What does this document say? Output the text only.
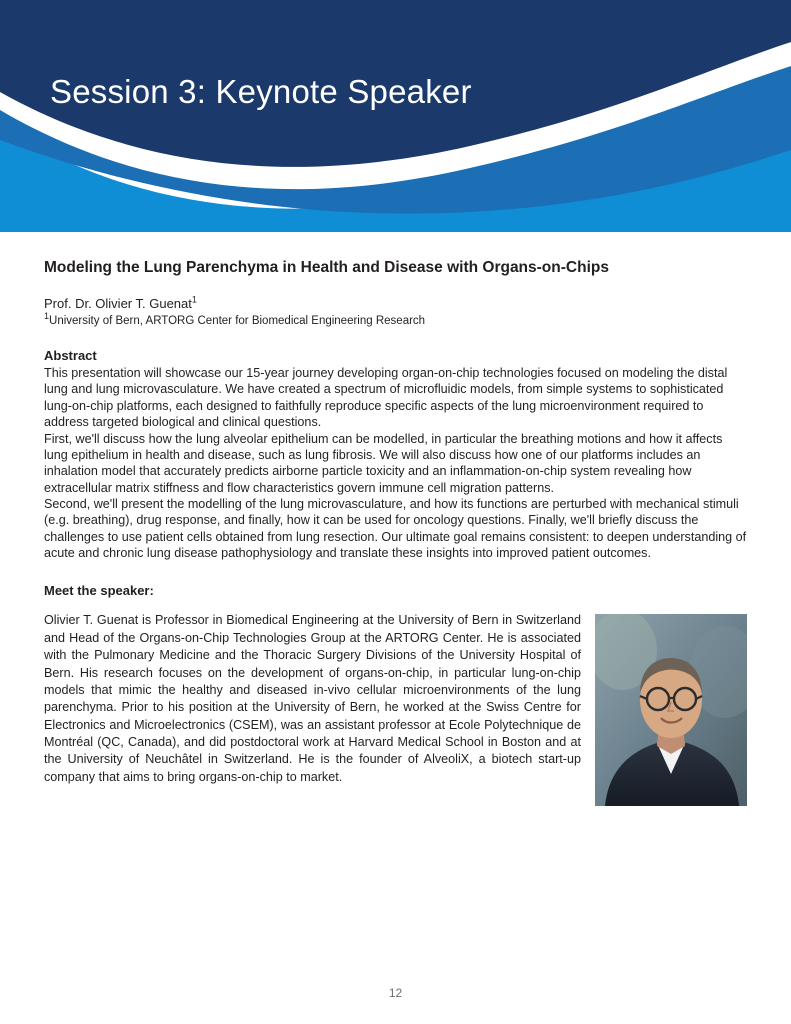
Session 3: Keynote Speaker
Modeling the Lung Parenchyma in Health and Disease with Organs-on-Chips

Prof. Dr. Olivier T. Guenat$^1$

$^1$University of Bern, ARTORG Center for Biomedical Engineering Research

Abstract

This presentation will showcase our 15-year journey developing organ-on-chip technologies focused on modeling the distal lung and lung microvasculature. We have created a spectrum of microfluidic models, from simple systems to sophisticated lung-on-chip platforms, each designed to faithfully reproduce specific aspects of the lung microenvironment required to address targeted biological and clinical questions.

First, we'll discuss how the lung alveolar epithelium can be modelled, in particular the breathing motions and how it affects lung epithelium in health and disease, such as lung fibrosis. We will also discuss how one of our platforms includes an inhalation model that accurately predicts airborne particle toxicity and an inflammation-on-chip system revealing how extracellular matrix stiffness and flow characteristics govern immune cell migration patterns.

Second, we'll present the modelling of the lung microvasculature, and how its functions are perturbed with mechanical stimuli (e.g. breathing), drug response, and finally, how it can be used for oncology questions. Finally, we'll briefly discuss the challenges to use patient cells obtained from lung resection. Our ultimate goal remains consistent: to deepen understanding of acute and chronic lung disease pathophysiology and translate these insights into improved patient outcomes.

Meet the speaker:

Olivier T. Guenat is Professor in Biomedical Engineering at the University of Bern in Switzerland and Head of the Organs-on-Chip Technologies Group at the ARTORG Center. He is associated with the Pulmonary Medicine and the Thoracic Surgery Divisions of the University Hospital of Bern. His research focuses on the development of organs-on-chip, in particular lung-on-chip models that mimic the healthy and diseased in-vivo cellular microenvironments of the lung parenchyma. Prior to his position at the University of Bern, he worked at the Swiss Centre for Electronics and Microelectronics (CSEM), was an assistant professor at Ecole Polytechnique de Montréal (QC, Canada), and did postdoctoral work at Harvard Medical School in Boston and at the University of Neuchâtel in Switzerland. He is the founder of AlveoliX, a biotech start-up company that aims to bring organs-on-chip to market.

12
